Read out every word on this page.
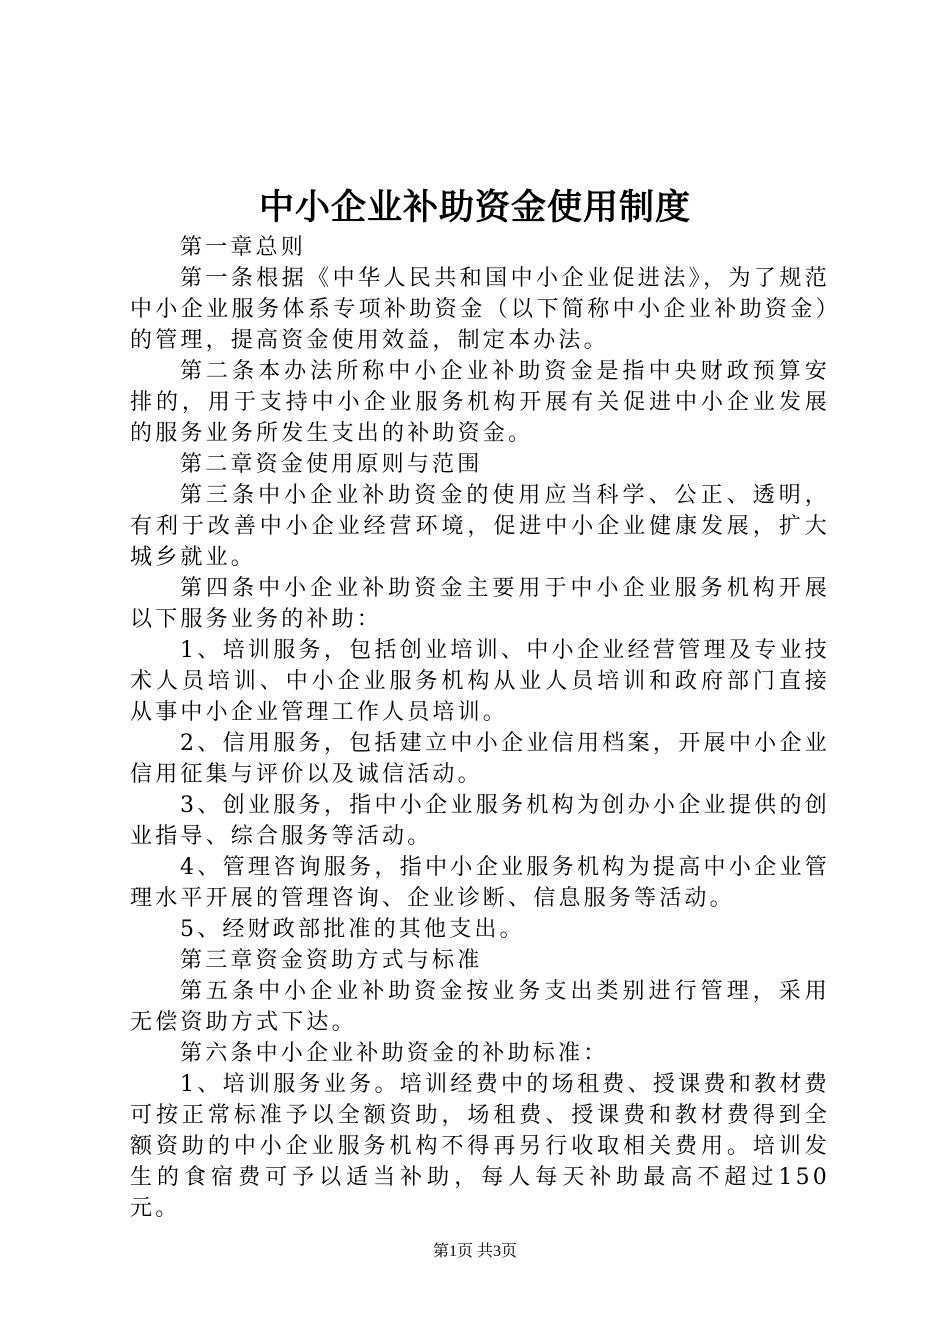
中小企业补助资金使用制度

第一章总则

第一条根据《中华人民共和国中小企业促进法》，为了规范中小企业服务体系专项补助资金（以下简称中小企业补助资金）的管理，提高资金使用效益，制定本办法。

第二条本办法所称中小企业补助资金是指中央财政预算安排的，用于支持中小企业服务机构开展有关促进中小企业发展的服务业务所发生支出的补助资金。

第二章资金使用原则与范围

第三条中小企业补助资金的使用应当科学、公正、透明，有利于改善中小企业经营环境，促进中小企业健康发展，扩大城乡就业。

第四条中小企业补助资金主要用于中小企业服务机构开展以下服务业务的补助：

1、培训服务，包括创业培训、中小企业经营管理及专业技术人员培训、中小企业服务机构从业人员培训和政府部门直接从事中小企业管理工作人员培训。

2、信用服务，包括建立中小企业信用档案，开展中小企业信用征集与评价以及诚信活动。

3、创业服务，指中小企业服务机构为创办小企业提供的创业指导、综合服务等活动。

4、管理咨询服务，指中小企业服务机构为提高中小企业管理水平开展的管理咨询、企业诊断、信息服务等活动。

5、经财政部批准的其他支出。

第三章资金资助方式与标准

第五条中小企业补助资金按业务支出类别进行管理，采用无偿资助方式下达。

第六条中小企业补助资金的补助标准：

1、培训服务业务。培训经费中的场租费、授课费和教材费可按正常标准予以全额资助，场租费、授课费和教材费得到全额资助的中小企业服务机构不得再另行收取相关费用。培训发生的食宿费可予以适当补助，每人每天补助最高不超过150元。

第1页 共3页
